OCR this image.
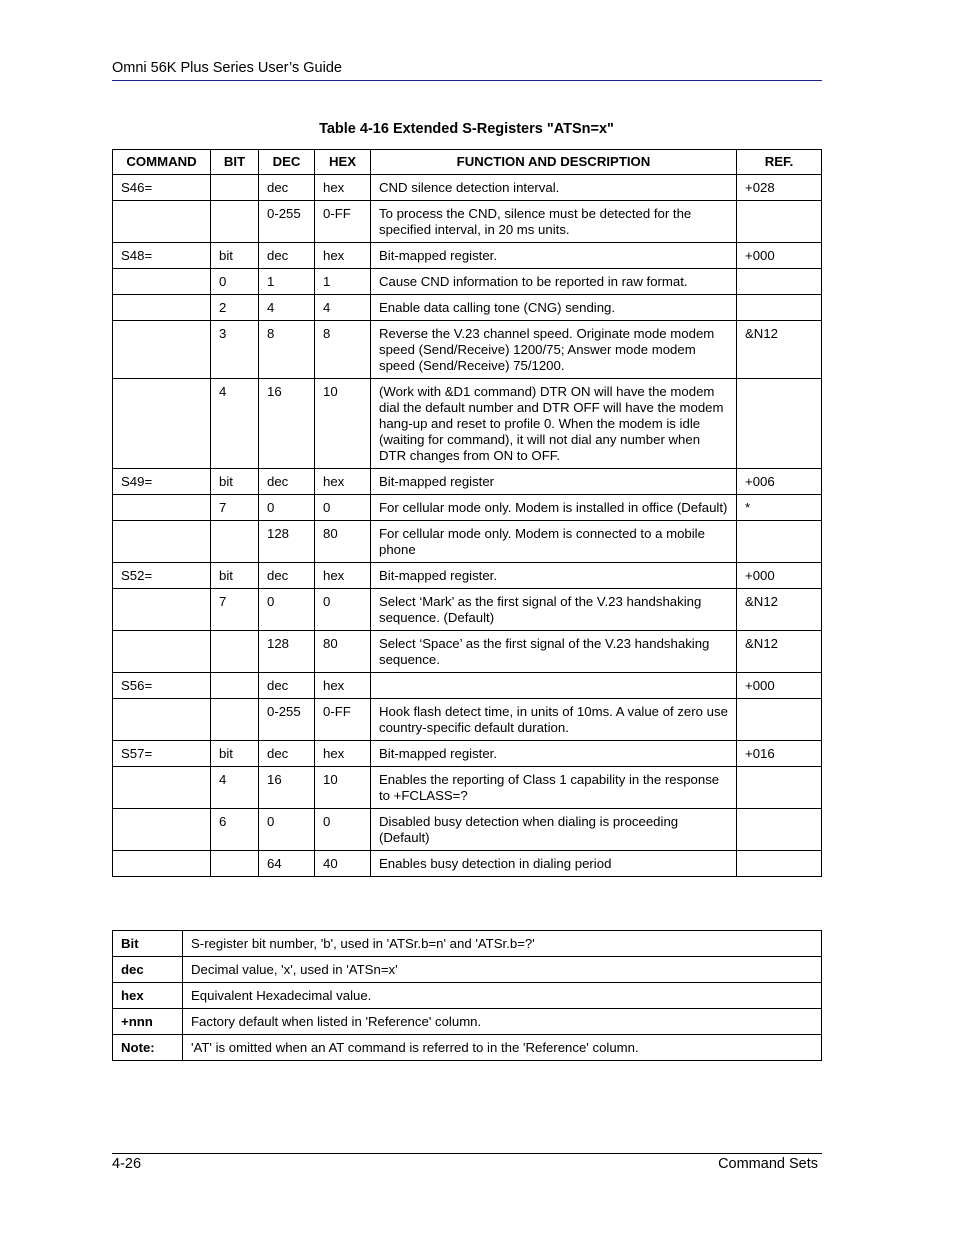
Omni 56K Plus Series User’s Guide
Table 4-16 Extended S-Registers "ATSn=x"
COMMAND	BIT	DEC	HEX	FUNCTION AND DESCRIPTION	REF.
S46=		dec	hex	CND silence detection interval.	+028
		0-255	0-FF	To process the CND, silence must be detected for the specified interval, in 20 ms units.	
S48=	bit	dec	hex	Bit-mapped register.	+000
	0	1	1	Cause CND information to be reported in raw format.	
	2	4	4	Enable data calling tone (CNG) sending.	
	3	8	8	Reverse the V.23 channel speed. Originate mode modem speed (Send/Receive) 1200/75; Answer mode modem speed (Send/Receive) 75/1200.	&N12
	4	16	10	(Work with &D1 command) DTR ON will have the modem dial the default number and DTR OFF will have the modem hang-up and reset to profile 0. When the modem is idle (waiting for command), it will not dial any number when DTR changes from ON to OFF.	
S49=	bit	dec	hex	Bit-mapped register	+006
	7	0	0	For cellular mode only. Modem is installed in office (Default)	*
		128	80	For cellular mode only. Modem is connected to a mobile phone	
S52=	bit	dec	hex	Bit-mapped register.	+000
	7	0	0	Select ‘Mark’ as the first signal of the V.23 handshaking sequence. (Default)	&N12
		128	80	Select ‘Space’ as the first signal of the V.23 handshaking sequence.	&N12
S56=		dec	hex		+000
		0-255	0-FF	Hook flash detect time, in units of 10ms. A value of zero use country-specific default duration.	
S57=	bit	dec	hex	Bit-mapped register.	+016
	4	16	10	Enables the reporting of Class 1 capability in the response to +FCLASS=?	
	6	0	0	Disabled busy detection when dialing is proceeding (Default)	
		64	40	Enables busy detection in dialing period	
Bit	S-register bit number, 'b', used in 'ATSr.b=n' and 'ATSr.b=?'
dec	Decimal value, 'x', used in 'ATSn=x'
hex	Equivalent Hexadecimal value.
+nnn	Factory default when listed in 'Reference' column.
Note:	'AT' is omitted when an AT command is referred to in the 'Reference' column.
4-26	Command Sets
